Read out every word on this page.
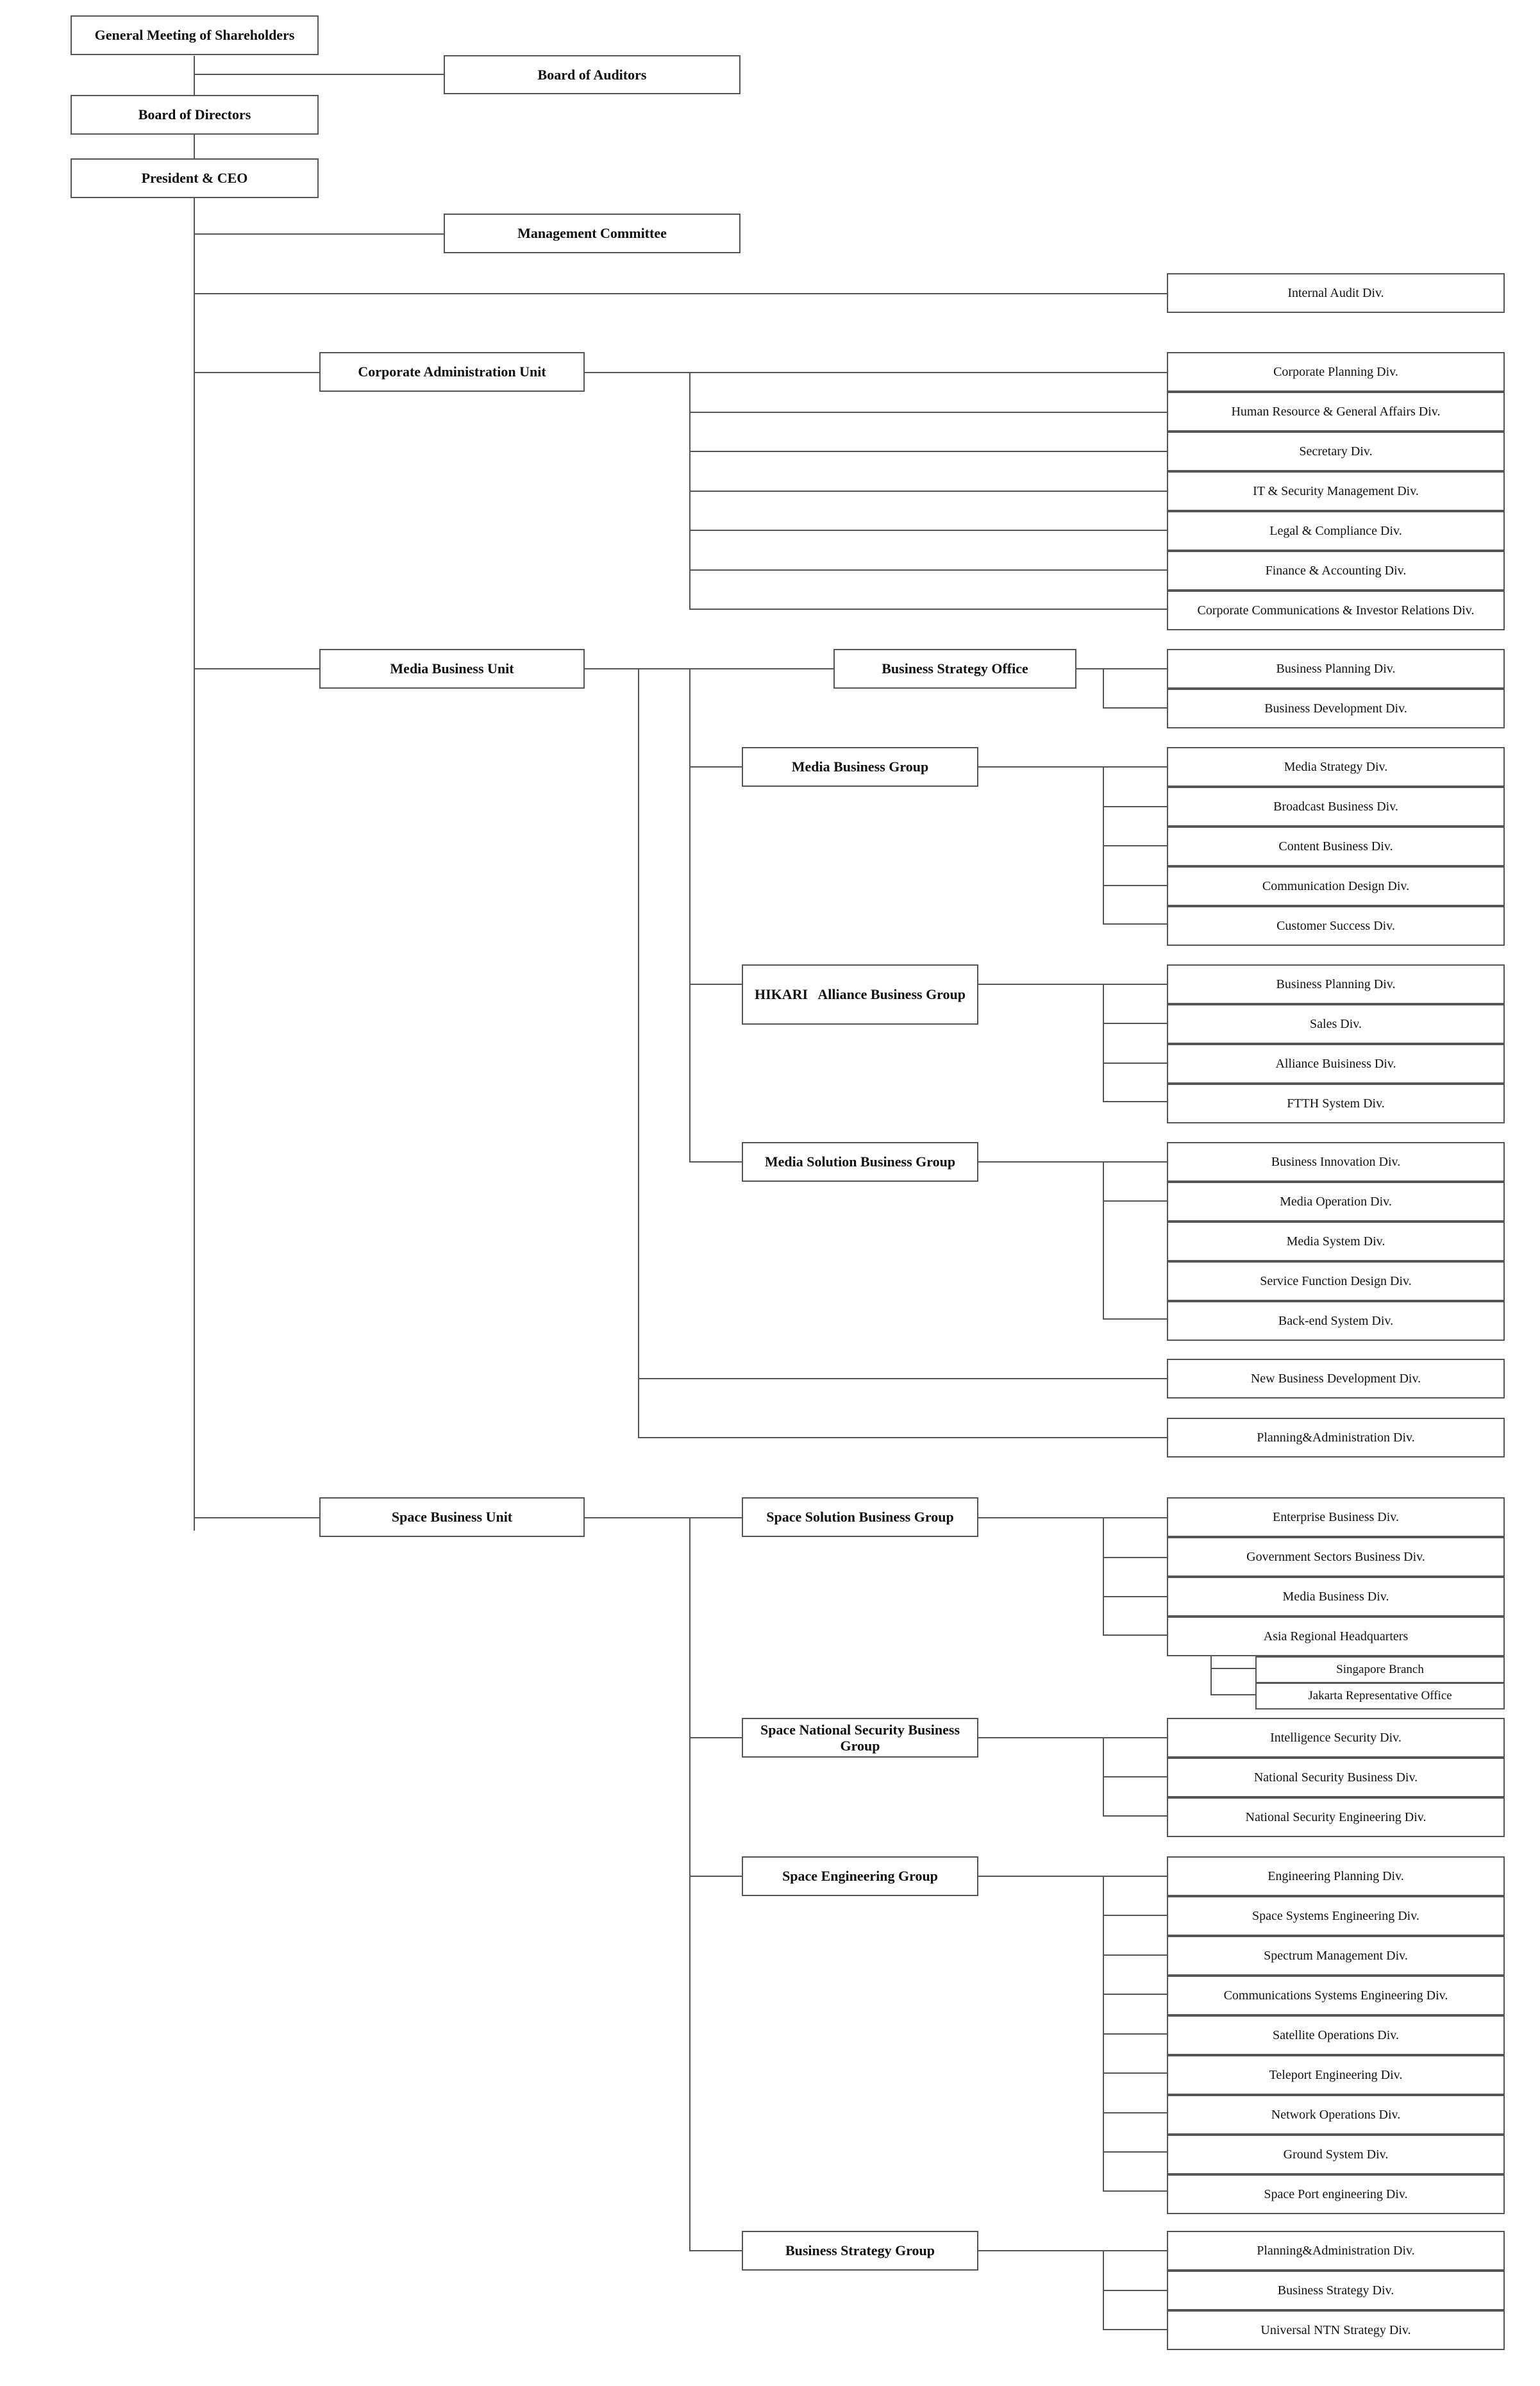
General Meeting of Shareholders
Board of Auditors
Board of Directors
President & CEO
Management Committee
Internal Audit Div.
Corporate Administration Unit	Corporate Planning Div.
Human Resource & General Affairs Div.
Secretary Div.
IT & Security Management Div.
Legal & Compliance Div.
Finance & Accounting Div.
Corporate Communications & Investor Relations Div.
Media Business Unit	Business Strategy Office	Business Planning Div.
Business Development Div.
Media Business Group	Media Strategy Div.
Broadcast Business Div.
Content Business Div.
Communication Design Div.
Customer Success Div.
HIKARI   Alliance Business Group
Business Planning Div.
Sales Div.
Alliance Buisiness Div.
FTTH System Div.
Media Solution Business Group	Business Innovation Div.
Media Operation Div.
Media System Div.
Service Function Design Div.
Back-end System Div.
New Business Development Div.
Planning&Administration Div.
Space Business Unit	Space Solution Business Group	Enterprise Business Div.
Government Sectors Business Div.
Media Business Div.
Asia Regional Headquarters
Singapore Branch
Jakarta Representative Office
Space National Security Business Group
Intelligence Security Div.
National Security Business Div.
National Security Engineering Div.
Space Engineering Group	Engineering Planning Div.
Space Systems Engineering Div.
Spectrum Management Div.
Communications Systems Engineering Div.
Satellite Operations Div.
Teleport Engineering Div.
Network Operations Div.
Ground System Div.
Space Port engineering Div.
Business Strategy Group	Planning&Administration Div.
Business Strategy Div.
Universal NTN Strategy Div.
